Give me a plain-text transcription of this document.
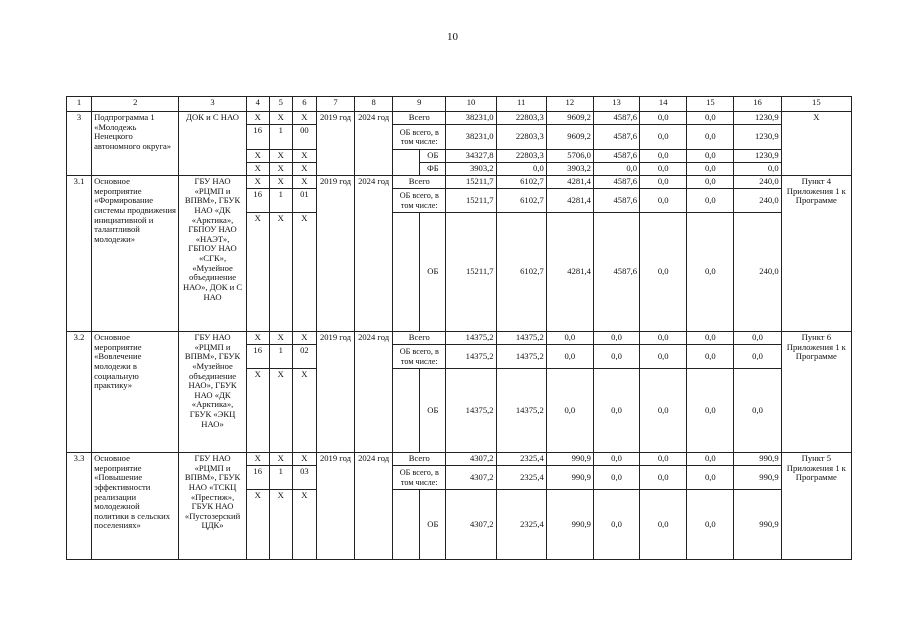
10
1	2	3	4	5	6	7	8	9		10	11	12	13	14	15	16	15
3	Подпрограмма 1 «Молодежь Ненецкого автономного округа»	ДОК и С НАО	X	X	X	2019 год	2024 год	Всего		38231,0	22803,3	9609,2	4587,6	0,0	0,0	1230,9	X
			16	1	00			ОБ всего, в том числе:		38231,0	22803,3	9609,2	4587,6	0,0	0,0	1230,9	
			X	X	X				ОБ	34327,8	22803,3	5706,0	4587,6	0,0	0,0	1230,9	
			X	X	X				ФБ	3903,2	0,0	3903,2	0,0	0,0	0,0	0,0	
3.1	Основное мероприятие «Формирование системы продвижения инициативной и талантливой молодежи»	ГБУ НАО «РЦМП и ВПВМ», ГБУК НАО «ДК «Арктика», ГБПОУ НАО «НАЭТ», ГБПОУ НАО «СГК», «Музейное объединение НАО», ДОК и С НАО	X	X	X	2019 год	2024 год	Всего		15211,7	6102,7	4281,4	4587,6	0,0	0,0	240,0	Пункт 4 Приложения 1 к Программе
			16	1	01			ОБ всего, в том числе:		15211,7	6102,7	4281,4	4587,6	0,0	0,0	240,0	
			X	X	X				ОБ	15211,7	6102,7	4281,4	4587,6	0,0	0,0	240,0	
3.2	Основное мероприятие «Вовлечение молодежи в социальную практику»	ГБУ НАО «РЦМП и ВПВМ», ГБУК «Музейное объединение НАО», ГБУК НАО «ДК «Арктика», ГБУК «ЭКЦ НАО»	X	X	X	2019 год	2024 год	Всего		14375,2	14375,2	0,0	0,0	0,0	0,0	0,0	Пункт 6 Приложения 1 к Программе
			16	1	02			ОБ всего, в том числе:		14375,2	14375,2	0,0	0,0	0,0	0,0	0,0	
			X	X	X				ОБ	14375,2	14375,2	0,0	0,0	0,0	0,0	0,0	
3.3	Основное мероприятие «Повышение эффективности реализации молодежной политики в сельских поселениях»	ГБУ НАО «РЦМП и ВПВМ», ГБУК НАО «ТСКЦ «Престиж», ГБУК НАО «Пустозерский ЦДК»	X	X	X	2019 год	2024 год	Всего		4307,2	2325,4	990,9	0,0	0,0	0,0	990,9	Пункт 5 Приложения 1 к Программе
			16	1	03			ОБ всего, в том числе:		4307,2	2325,4	990,9	0,0	0,0	0,0	990,9	
			X	X	X				ОБ	4307,2	2325,4	990,9	0,0	0,0	0,0	990,9	
